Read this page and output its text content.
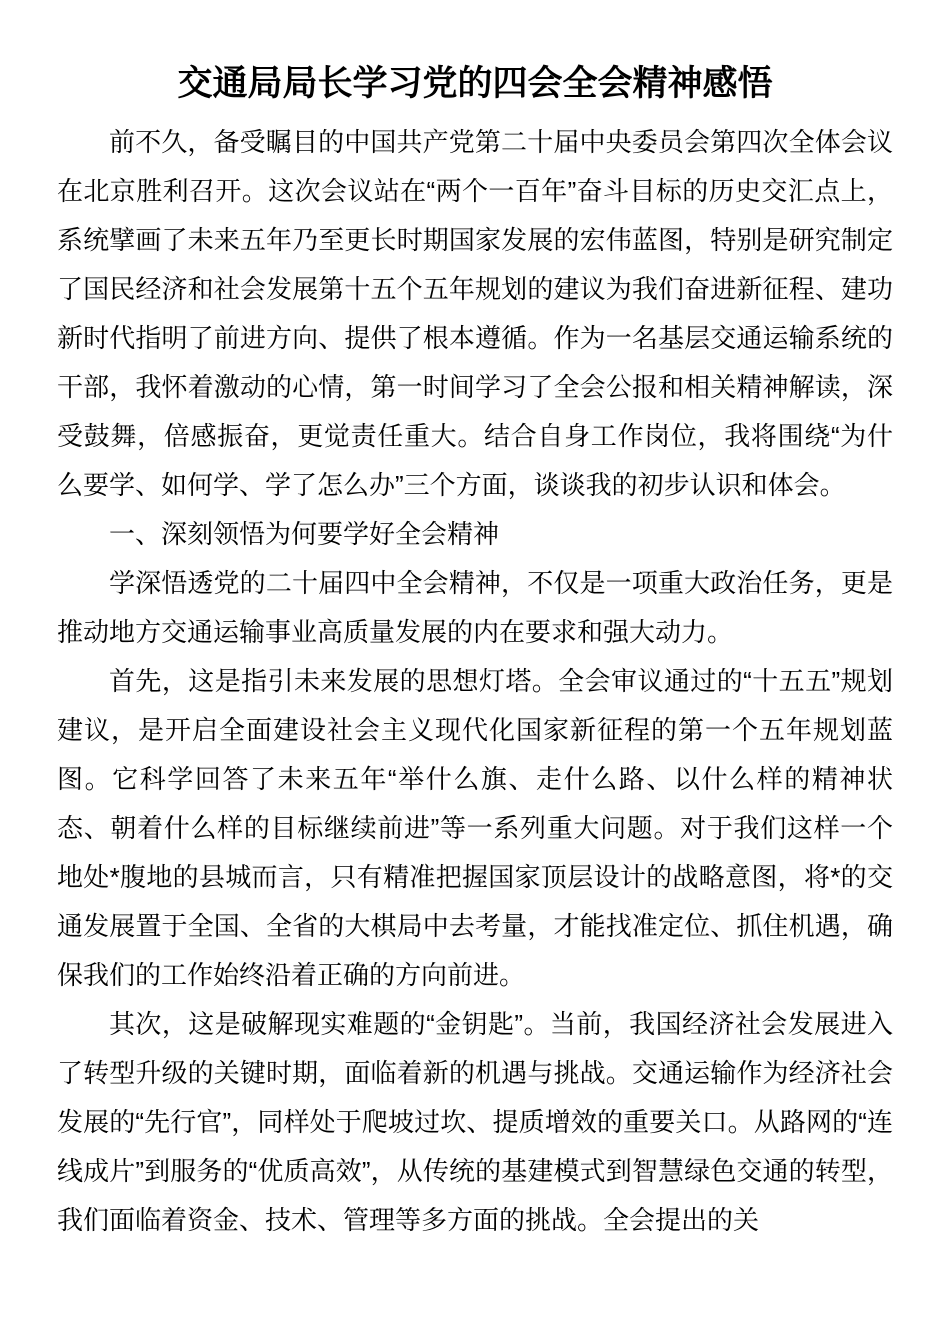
交通局局长学习党的四会全会精神感悟

前不久，备受瞩目的中国共产党第二十届中央委员会第四次全体会议在北京胜利召开。这次会议站在“两个一百年”奋斗目标的历史交汇点上，系统擘画了未来五年乃至更长时期国家发展的宏伟蓝图，特别是研究制定了国民经济和社会发展第十五个五年规划的建议为我们奋进新征程、建功新时代指明了前进方向、提供了根本遵循。作为一名基层交通运输系统的干部，我怀着激动的心情，第一时间学习了全会公报和相关精神解读，深受鼓舞，倍感振奋，更觉责任重大。结合自身工作岗位，我将围绕“为什么要学、如何学、学了怎么办”三个方面，谈谈我的初步认识和体会。

一、深刻领悟为何要学好全会精神

学深悟透党的二十届四中全会精神，不仅是一项重大政治任务，更是推动地方交通运输事业高质量发展的内在要求和强大动力。

首先，这是指引未来发展的思想灯塔。全会审议通过的“十五五”规划建议，是开启全面建设社会主义现代化国家新征程的第一个五年规划蓝图。它科学回答了未来五年“举什么旗、走什么路、以什么样的精神状态、朝着什么样的目标继续前进”等一系列重大问题。对于我们这样一个地处*腹地的县城而言，只有精准把握国家顶层设计的战略意图，将*的交通发展置于全国、全省的大棋局中去考量，才能找准定位、抓住机遇，确保我们的工作始终沿着正确的方向前进。

其次，这是破解现实难题的“金钥匙”。当前，我国经济社会发展进入了转型升级的关键时期，面临着新的机遇与挑战。交通运输作为经济社会发展的“先行官”，同样处于爬坡过坎、提质增效的重要关口。从路网的“连线成片”到服务的“优质高效”，从传统的基建模式到智慧绿色交通的转型，我们面临着资金、技术、管理等多方面的挑战。全会提出的关
